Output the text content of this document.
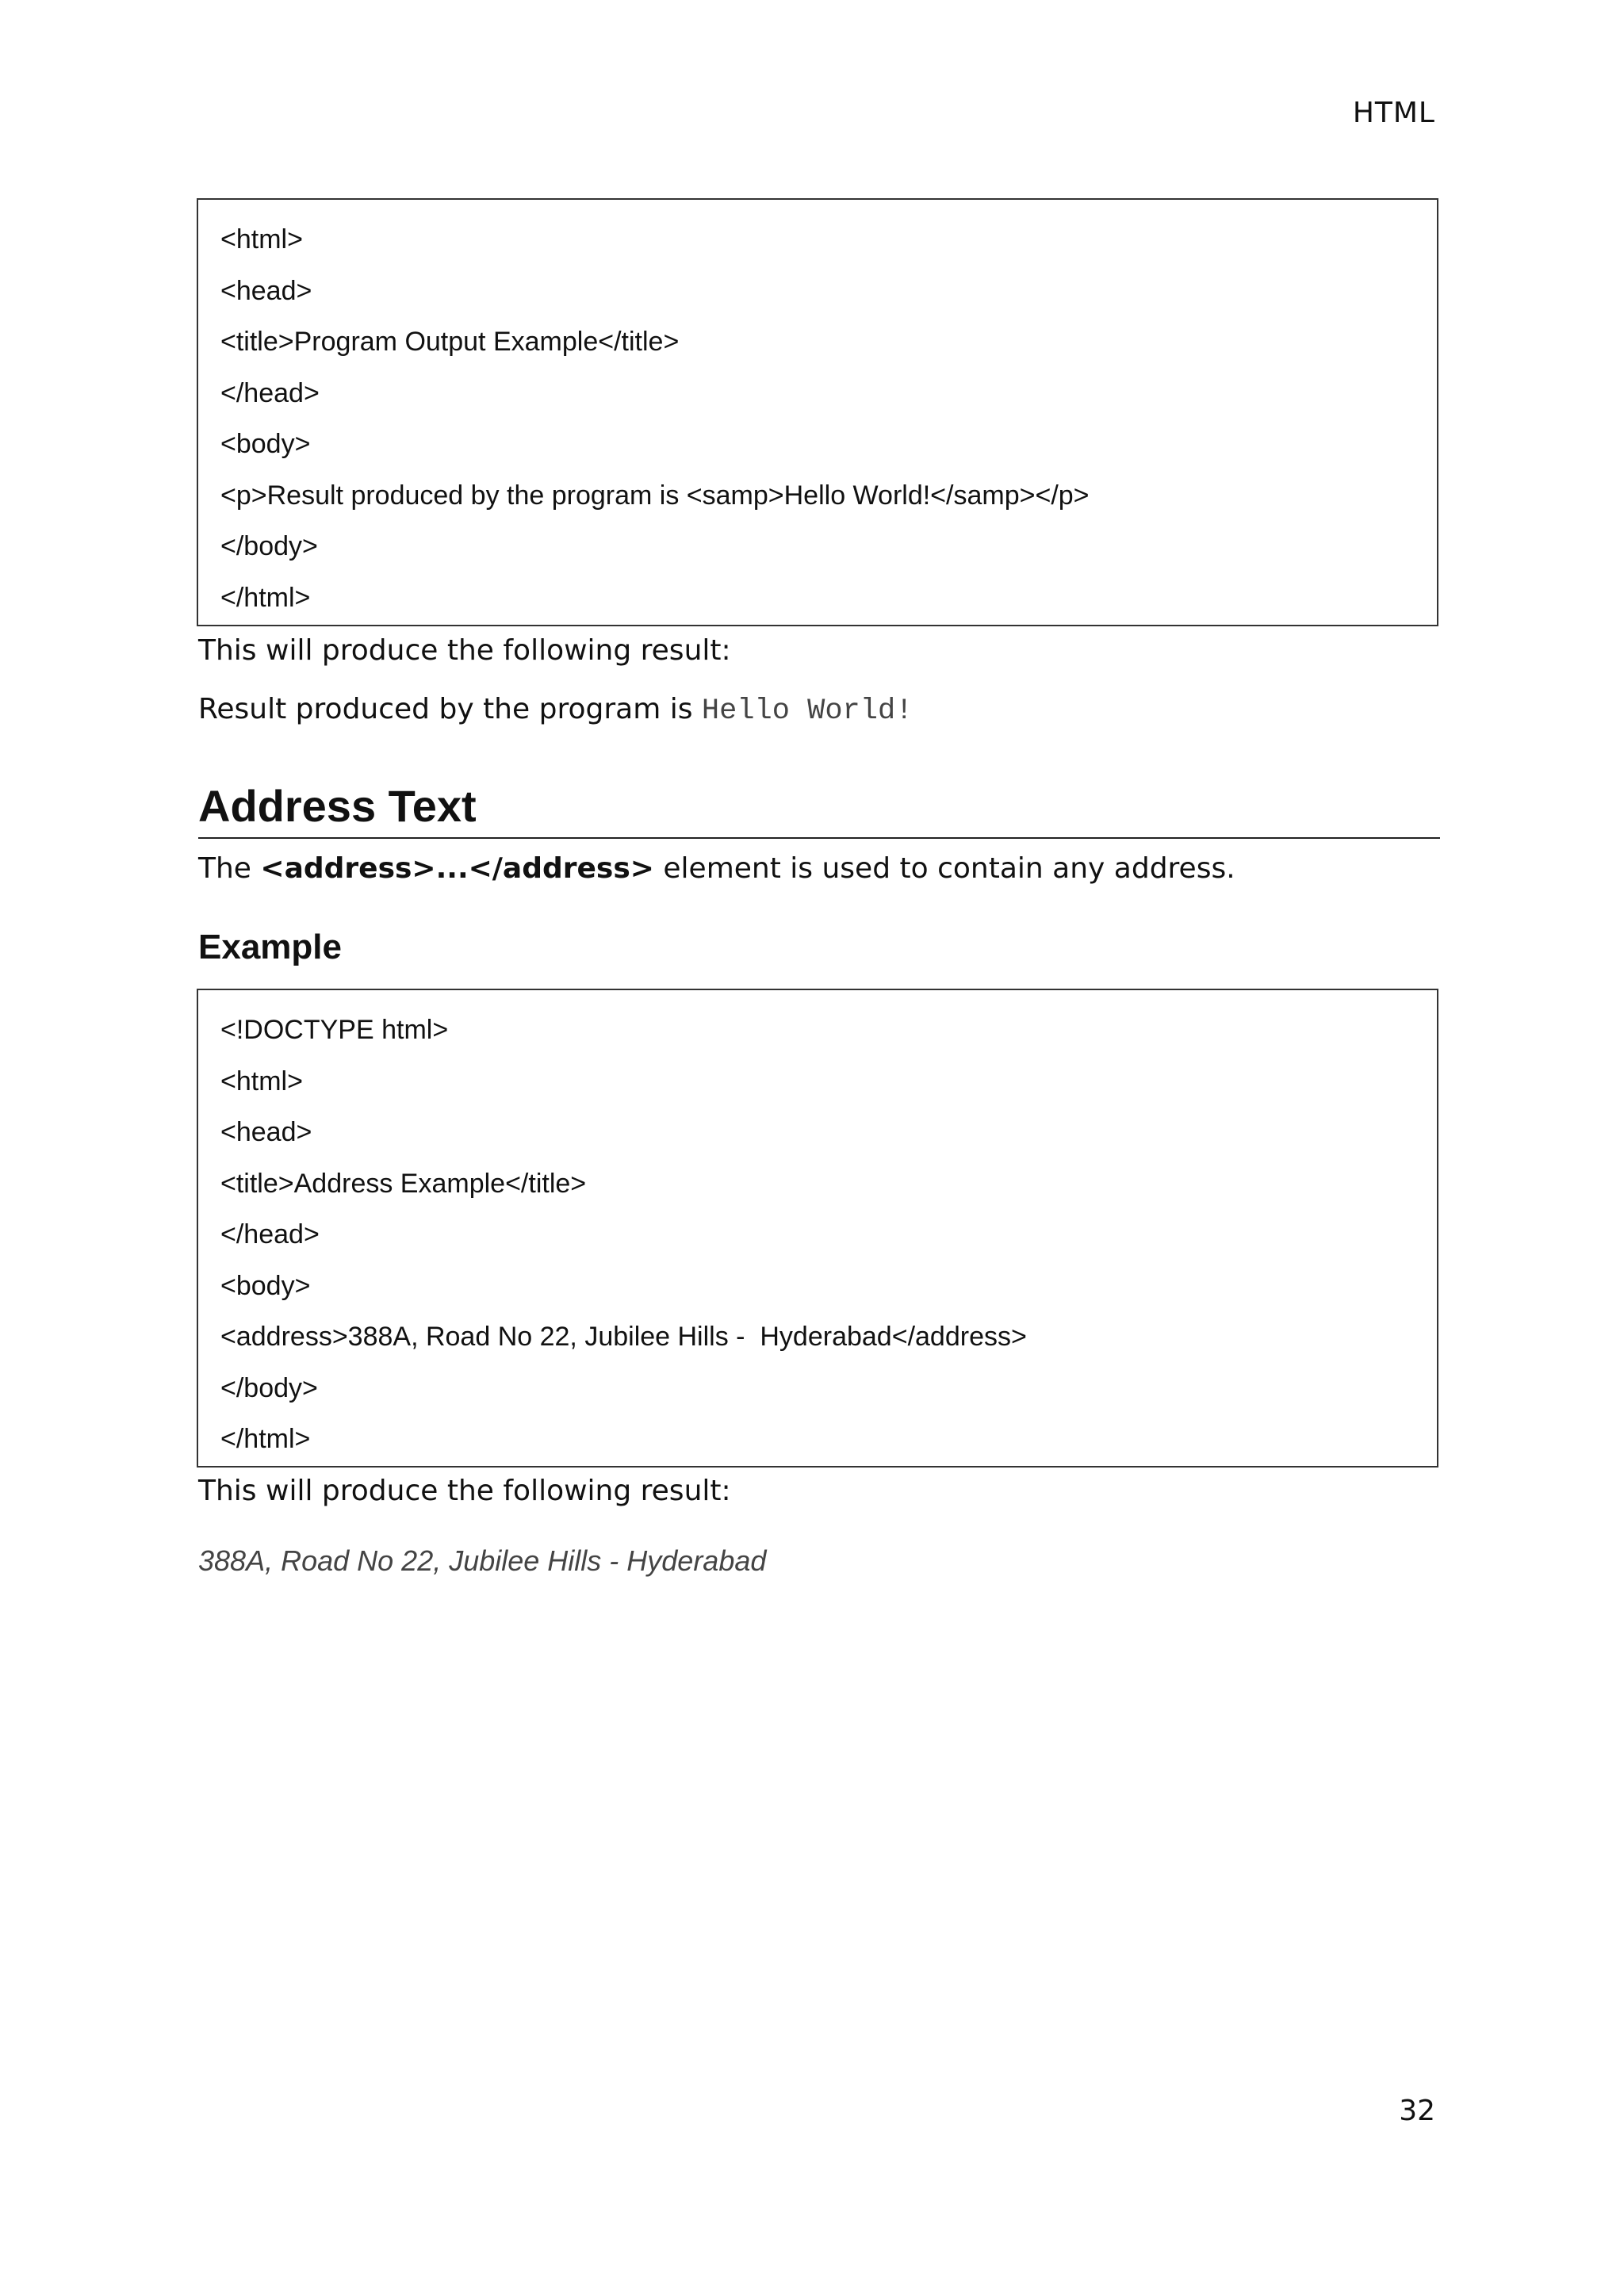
HTML
<html>
<head>
<title>Program Output Example</title>
</head>
<body>
<p>Result produced by the program is <samp>Hello World!</samp></p>
</body>
</html>
This will produce the following result:
Result produced by the program is Hello World!
Address Text
The <address>...</address> element is used to contain any address.
Example
<!DOCTYPE html>
<html>
<head>
<title>Address Example</title>
</head>
<body>
<address>388A, Road No 22, Jubilee Hills -  Hyderabad</address>
</body>
</html>
This will produce the following result:
388A, Road No 22, Jubilee Hills - Hyderabad
32
